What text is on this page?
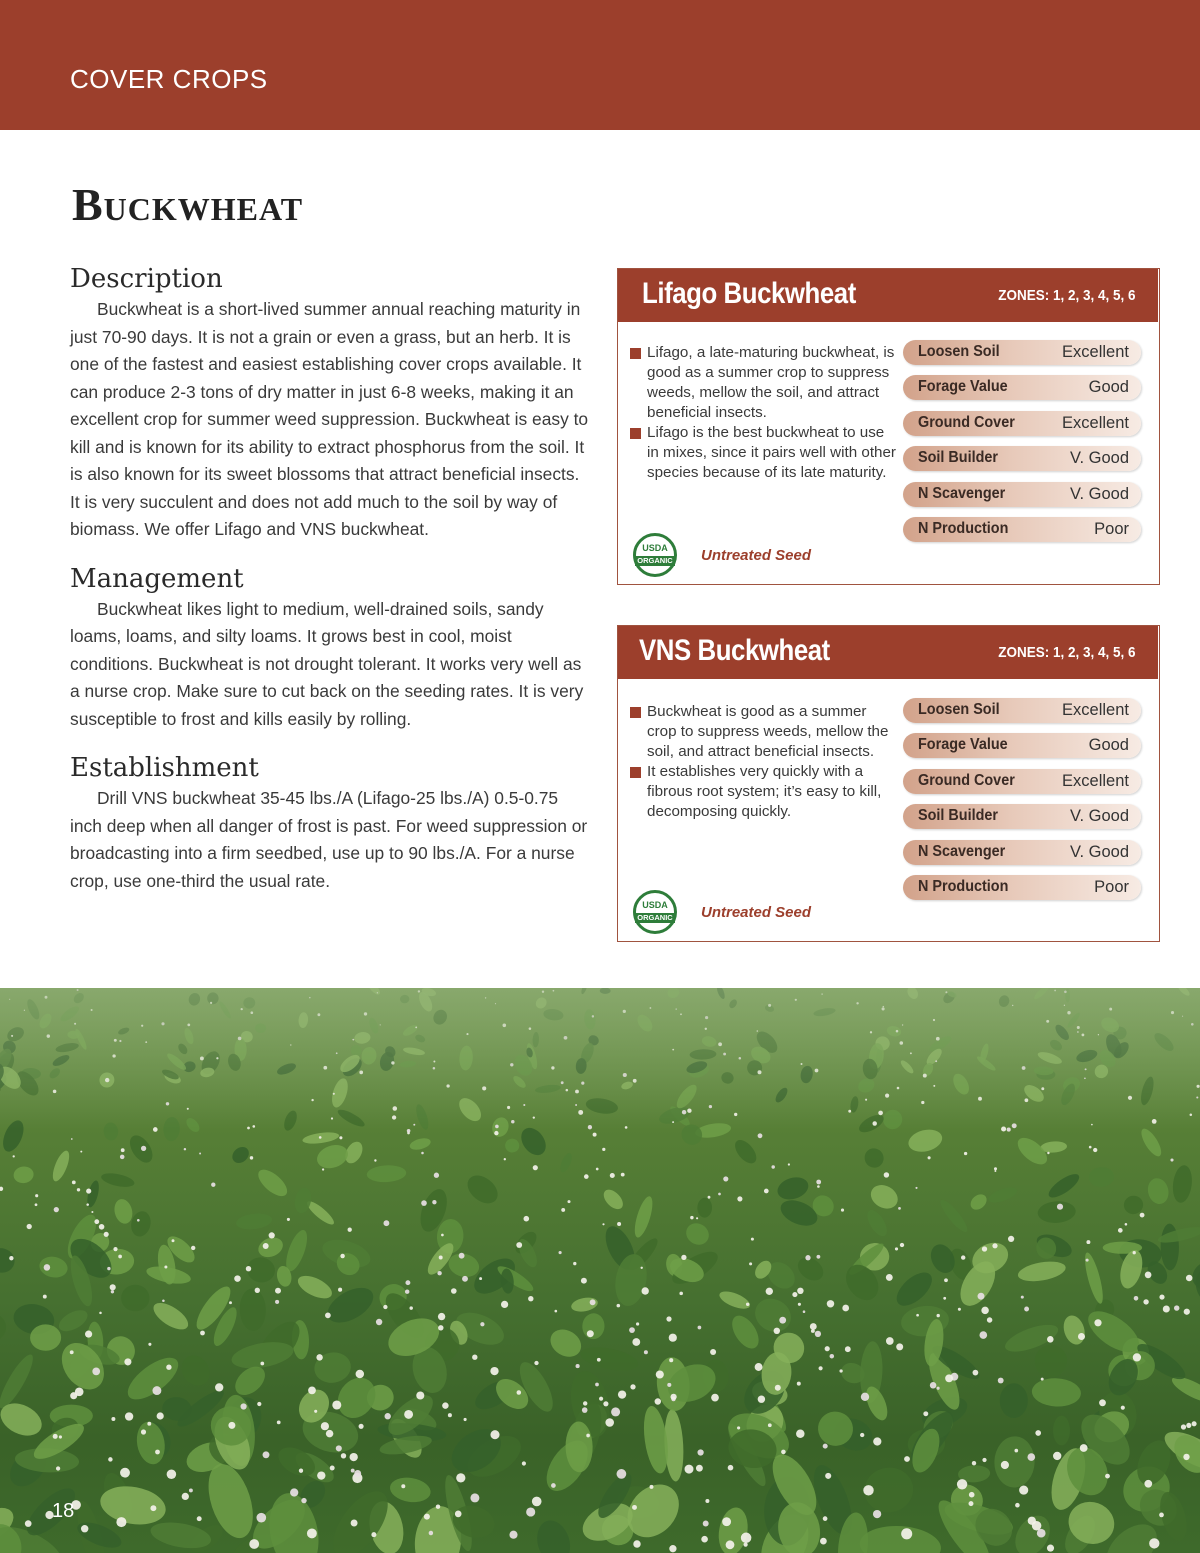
COVER CROPS
Buckwheat
Description

Buckwheat is a short-lived summer annual reaching maturity in just 70-90 days. It is not a grain or even a grass, but an herb. It is one of the fastest and easiest establishing cover crops available. It can produce 2-3 tons of dry matter in just 6-8 weeks, making it an excellent crop for summer weed suppression. Buckwheat is easy to kill and is known for its ability to extract phosphorus from the soil. It is also known for its sweet blossoms that attract beneficial insects. It is very succulent and does not add much to the soil by way of biomass. We offer Lifago and VNS buckwheat.

Management

Buckwheat likes light to medium, well-drained soils, sandy loams, loams, and silty loams. It grows best in cool, moist conditions. Buckwheat is not drought tolerant. It works very well as a nurse crop. Make sure to cut back on the seeding rates. It is very susceptible to frost and kills easily by rolling.

Establishment

Drill VNS buckwheat 35-45 lbs./A (Lifago-25 lbs./A) 0.5-0.75 inch deep when all danger of frost is past. For weed suppression or broadcasting into a firm seedbed, use up to 90 lbs./A. For a nurse crop, use one-third the usual rate.

Lifago Buckwheat	ZONES: 1, 2, 3, 4, 5, 6
Lifago, a late-maturing buckwheat, is good as a summer crop to suppress weeds, mellow the soil, and attract beneficial insects.
Lifago is the best buckwheat to use in mixes, since it pairs well with other species because of its late maturity.
Loosen Soil	Excellent
Forage Value	Good
Ground Cover	Excellent
Soil Builder	V. Good
N Scavenger	V. Good
N Production	Poor
USDA
ORGANIC Untreated Seed
VNS Buckwheat	ZONES: 1, 2, 3, 4, 5, 6
Buckwheat is good as a summer crop to suppress weeds, mellow the soil, and attract beneficial insects.
It establishes very quickly with a fibrous root system; it’s easy to kill, decomposing quickly.
Loosen Soil	Excellent
Forage Value	Good
Ground Cover	Excellent
Soil Builder	V. Good
N Scavenger	V. Good
N Production	Poor
USDA
ORGANIC Untreated Seed
18
